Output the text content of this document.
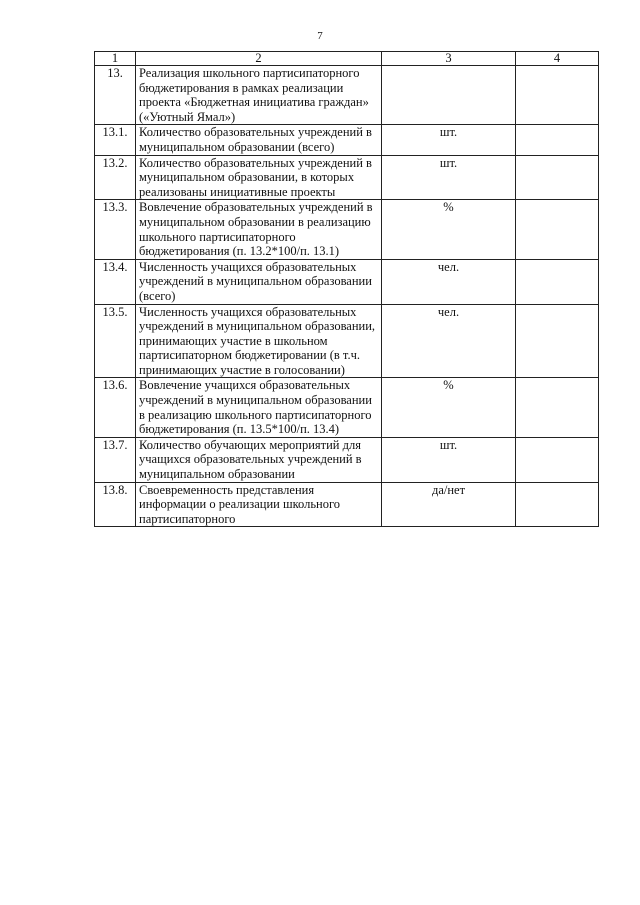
7
1	2	3	4
13.	Реализация школьного партисипаторного бюджетирования в рамках реализации проекта «Бюджетная инициатива граждан» («Уютный Ямал»)		
13.1.	Количество образовательных учреждений в муниципальном образовании (всего)	шт.	
13.2.	Количество образовательных учреждений в муниципальном образовании, в которых реализованы инициативные проекты	шт.	
13.3.	Вовлечение образовательных учреждений в муниципальном образовании в реализацию школьного партисипаторного бюджетирования (п. 13.2*100/п. 13.1)	%	
13.4.	Численность учащихся образовательных учреждений в муниципальном образовании (всего)	чел.	
13.5.	Численность учащихся образовательных учреждений в муниципальном образовании, принимающих участие в школьном партисипаторном бюджетировании (в т.ч. принимающих участие в голосовании)	чел.	
13.6.	Вовлечение учащихся образовательных учреждений в муниципальном образовании в реализацию школьного партисипаторного бюджетирования (п. 13.5*100/п. 13.4)	%	
13.7.	Количество обучающих мероприятий для учащихся образовательных учреждений в муниципальном образовании	шт.	
13.8.	Своевременность представления информации о реализации школьного партисипаторного	да/нет	
